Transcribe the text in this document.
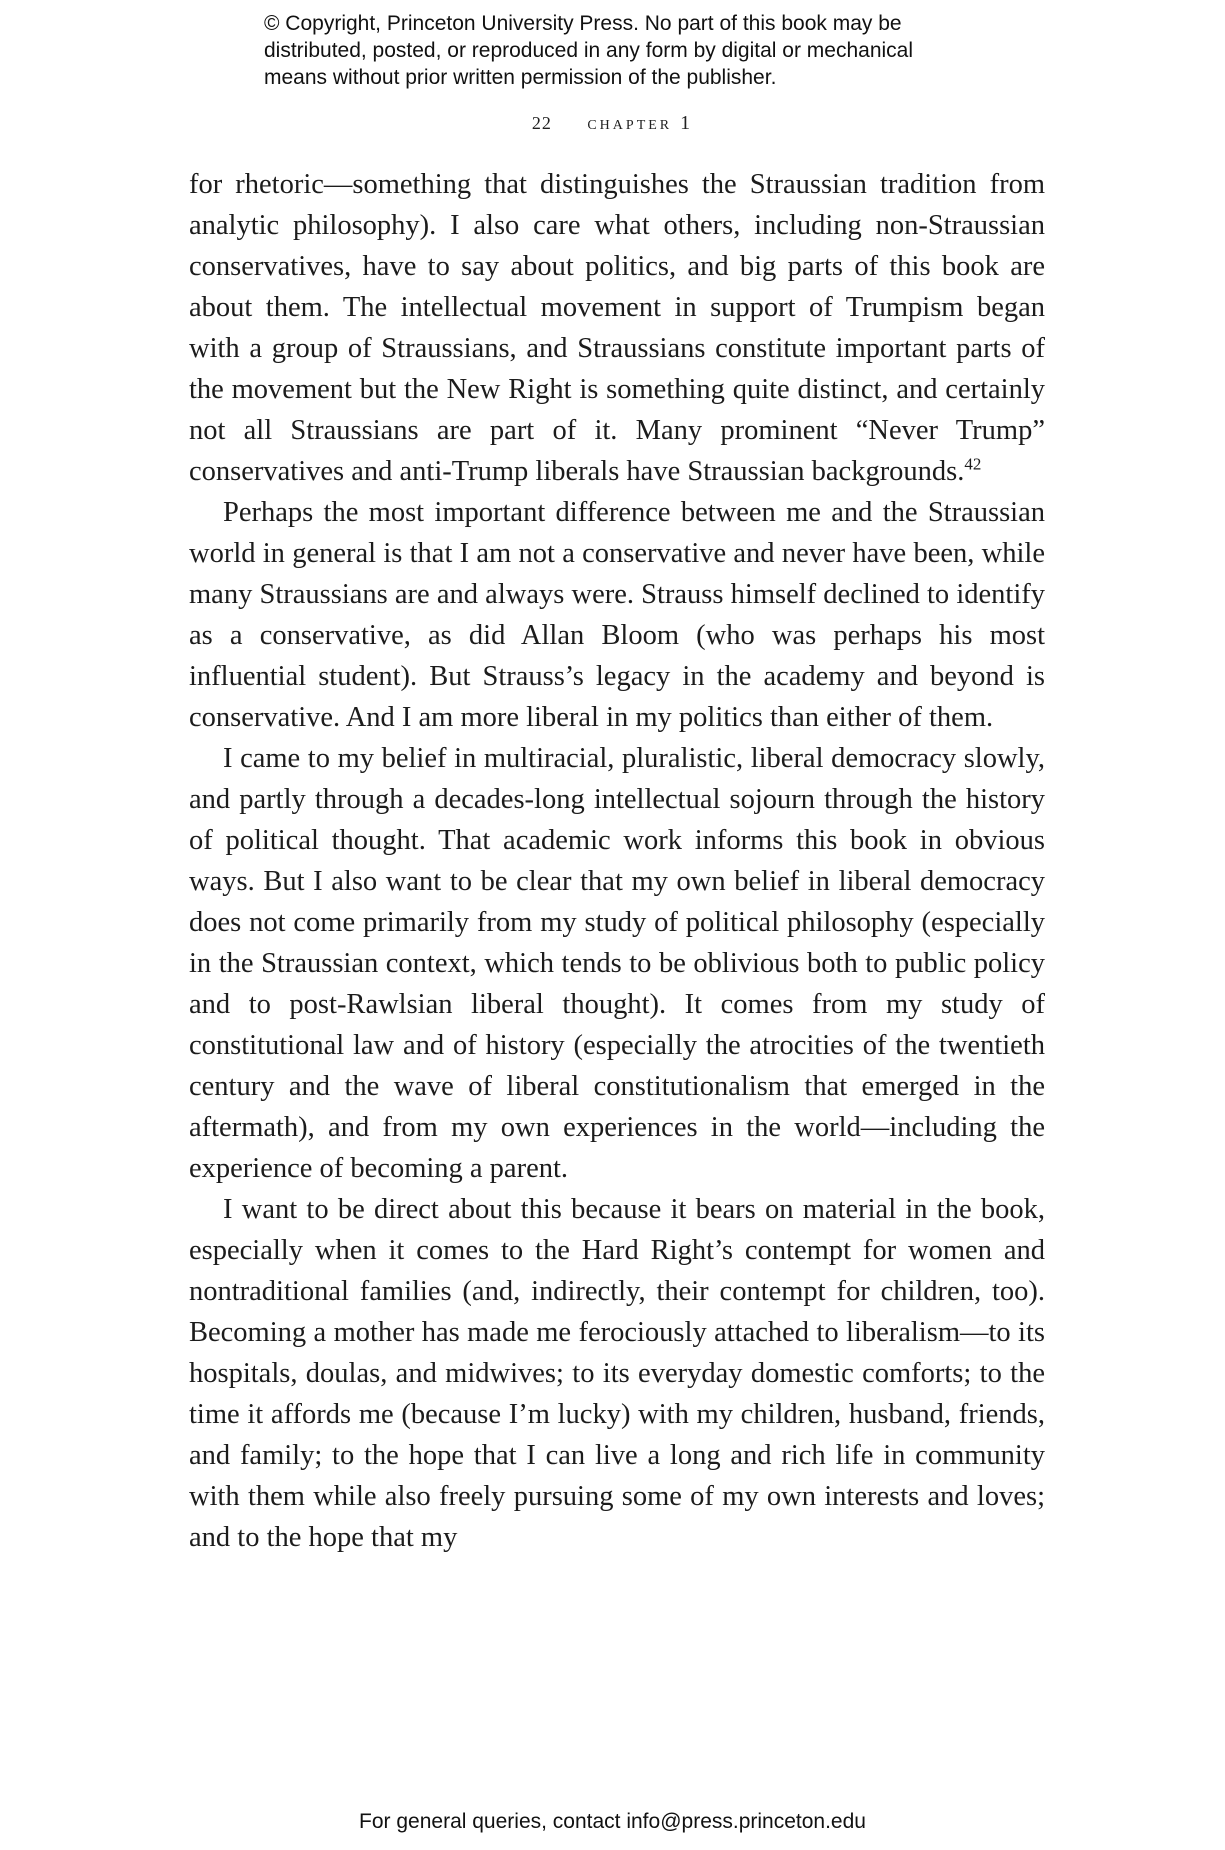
© Copyright, Princeton University Press. No part of this book may be
distributed, posted, or reproduced in any form by digital or mechanical
means without prior written permission of the publisher.
22 chapter 1

for rhetoric—something that distinguishes the Straussian tradition from analytic philosophy). I also care what others, including non-Straussian conservatives, have to say about politics, and big parts of this book are about them. The intellectual movement in support of Trumpism began with a group of Straussians, and Straussians constitute important parts of the movement but the New Right is something quite distinct, and certainly not all Straussians are part of it. Many prominent “Never Trump” conservatives and anti-Trump liberals have Straussian backgrounds.$^{42}$

Perhaps the most important difference between me and the Straussian world in general is that I am not a conservative and never have been, while many Straussians are and always were. Strauss himself declined to identify as a conservative, as did Allan Bloom (who was perhaps his most influential student). But Strauss’s legacy in the academy and beyond is conservative. And I am more liberal in my politics than either of them.

I came to my belief in multiracial, pluralistic, liberal democracy slowly, and partly through a decades-long intellectual sojourn through the history of political thought. That academic work informs this book in obvious ways. But I also want to be clear that my own belief in liberal democracy does not come primarily from my study of political philosophy (especially in the Straussian context, which tends to be oblivious both to public policy and to post-Rawlsian liberal thought). It comes from my study of constitutional law and of history (especially the atrocities of the twentieth century and the wave of liberal constitutionalism that emerged in the aftermath), and from my own experiences in the world—including the experience of becoming a parent.

I want to be direct about this because it bears on material in the book, especially when it comes to the Hard Right’s contempt for women and nontraditional families (and, indirectly, their contempt for children, too). Becoming a mother has made me ferociously attached to liberalism—to its hospitals, doulas, and midwives; to its everyday domestic comforts; to the time it affords me (because I’m lucky) with my children, husband, friends, and family; to the hope that I can live a long and rich life in community with them while also freely pursuing some of my own interests and loves; and to the hope that my

For general queries, contact info@press.princeton.edu
